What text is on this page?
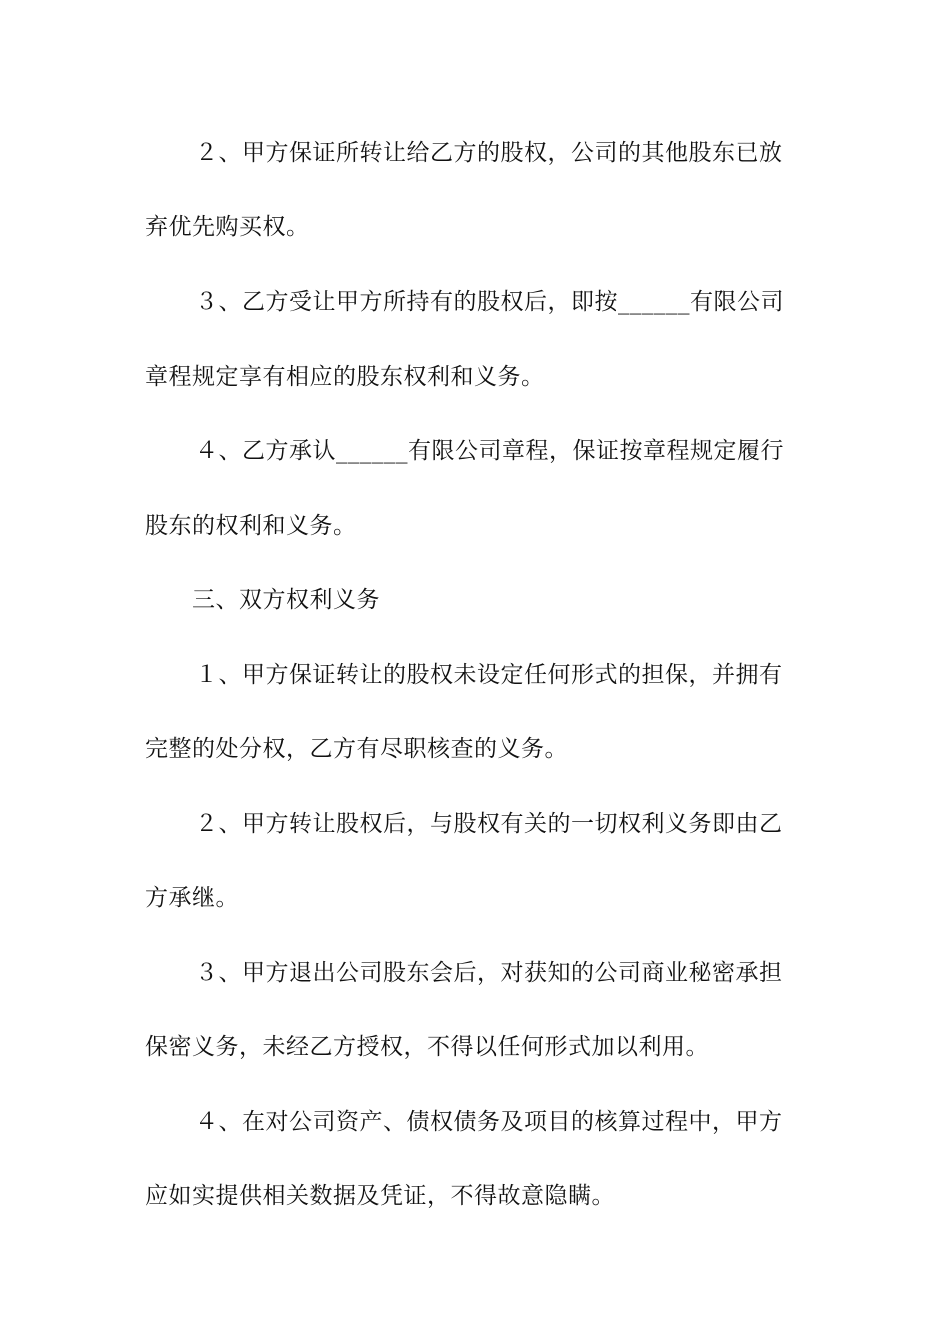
２、甲方保证所转让给乙方的股权，公司的其他股东已放
弃优先购买权。
３、乙方受让甲方所持有的股权后，即按______有限公司
章程规定享有相应的股东权利和义务。
４、乙方承认______有限公司章程，保证按章程规定履行
股东的权利和义务。
三、双方权利义务
１、甲方保证转让的股权未设定任何形式的担保，并拥有
完整的处分权，乙方有尽职核查的义务。
２、甲方转让股权后，与股权有关的一切权利义务即由乙
方承继。
３、甲方退出公司股东会后，对获知的公司商业秘密承担
保密义务，未经乙方授权，不得以任何形式加以利用。
４、在对公司资产、债权债务及项目的核算过程中，甲方
应如实提供相关数据及凭证，不得故意隐瞒。
